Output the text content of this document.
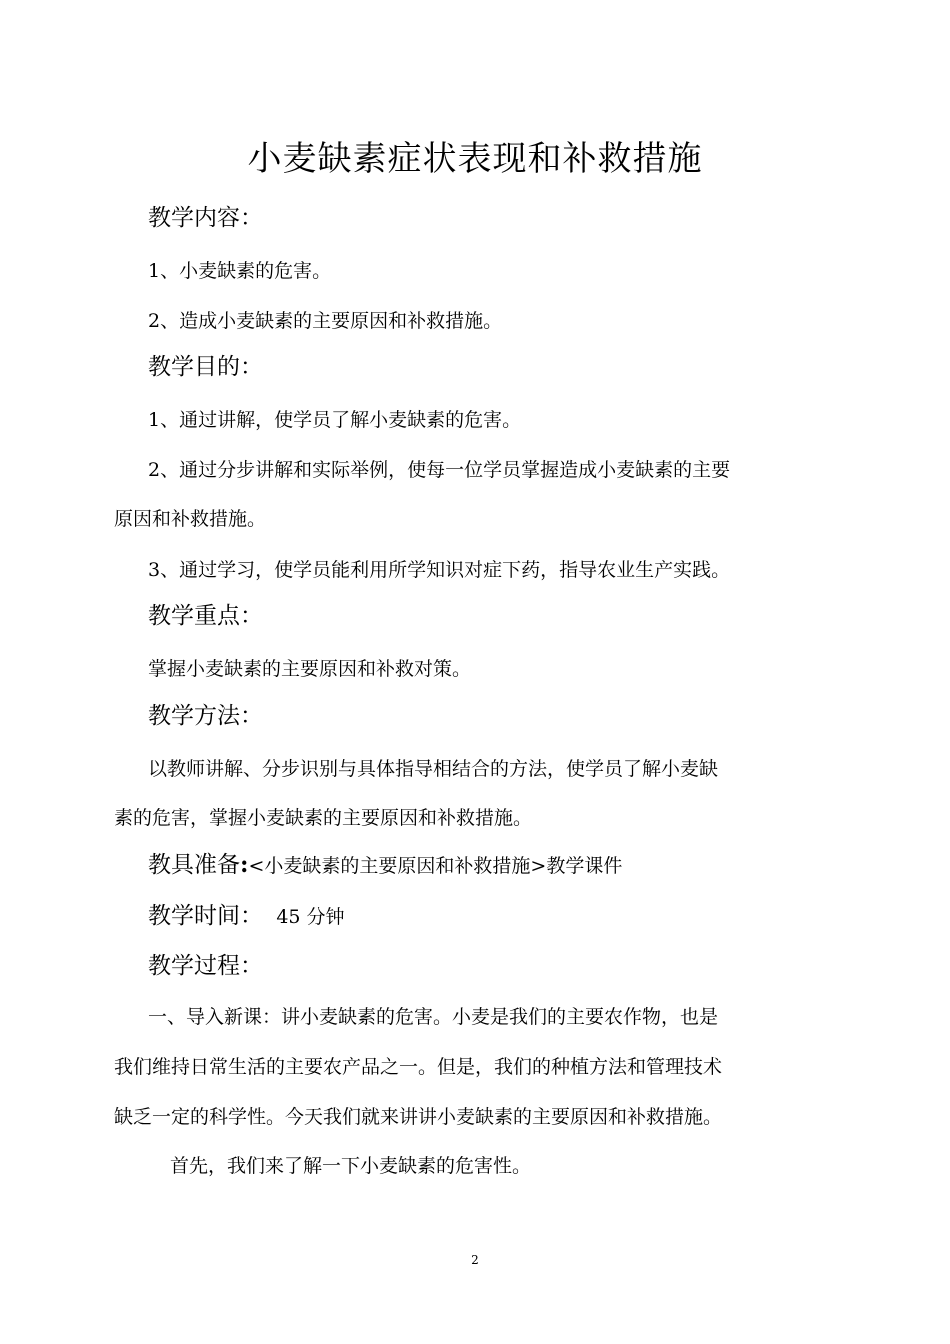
小麦缺素症状表现和补救措施
教学内容：
1、小麦缺素的危害。
2、造成小麦缺素的主要原因和补救措施。
教学目的：
1、通过讲解，使学员了解小麦缺素的危害。
2、通过分步讲解和实际举例，使每一位学员掌握造成小麦缺素的主要
原因和补救措施。
3、通过学习，使学员能利用所学知识对症下药，指导农业生产实践。
教学重点：
掌握小麦缺素的主要原因和补救对策。
教学方法：
以教师讲解、分步识别与具体指导相结合的方法，使学员了解小麦缺
素的危害，掌握小麦缺素的主要原因和补救措施。
教具准备:<小麦缺素的主要原因和补救措施>教学课件
教学时间： 45 分钟
教学过程：
一、导入新课：讲小麦缺素的危害。小麦是我们的主要农作物，也是
我们维持日常生活的主要农产品之一。但是，我们的种植方法和管理技术
缺乏一定的科学性。今天我们就来讲讲小麦缺素的主要原因和补救措施。
首先，我们来了解一下小麦缺素的危害性。
2
